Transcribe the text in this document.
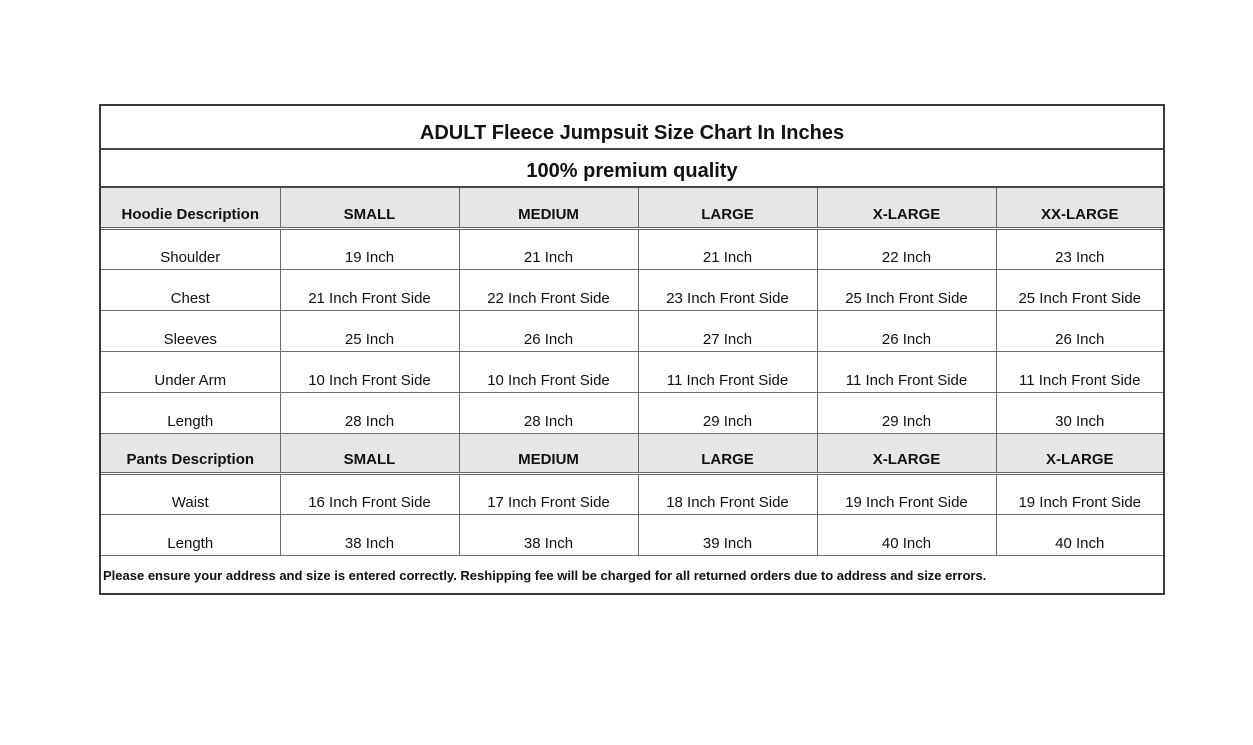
ADULT Fleece Jumpsuit Size Chart In Inches
100% premium quality
Hoodie Description	SMALL	MEDIUM	LARGE	X-LARGE	XX-LARGE
Shoulder	19 Inch	21 Inch	21 Inch	22 Inch	23 Inch
Chest	21 Inch Front Side	22 Inch Front Side	23 Inch Front Side	25 Inch Front Side	25 Inch Front Side
Sleeves	25 Inch	26 Inch	27 Inch	26 Inch	26 Inch
Under Arm	10 Inch Front Side	10 Inch Front Side	11 Inch Front Side	11 Inch Front Side	11 Inch Front Side
Length	28 Inch	28 Inch	29 Inch	29 Inch	30 Inch
Pants Description	SMALL	MEDIUM	LARGE	X-LARGE	X-LARGE
Waist	16 Inch Front Side	17 Inch Front Side	18 Inch Front Side	19 Inch Front Side	19 Inch Front Side
Length	38 Inch	38 Inch	39 Inch	40 Inch	40 Inch
Please ensure your address and size is entered correctly. Reshipping fee will be charged for all returned orders due to address and size errors.
